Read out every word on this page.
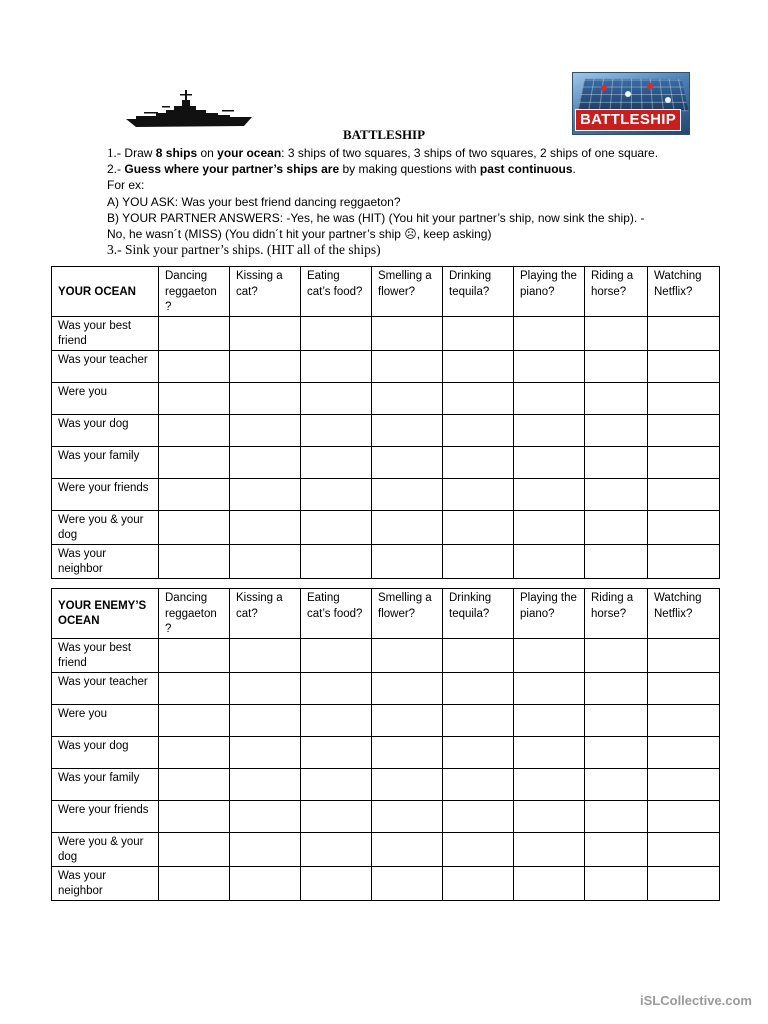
BATTLESHIP
BATTLESHIP
1.- Draw 8 ships on your ocean: 3 ships of two squares, 3 ships of two squares, 2 ships of one square.
2.- Guess where your partner’s ships are by making questions with past continuous.
For ex:
A) YOU ASK: Was your best friend dancing reggaeton?
B) YOUR PARTNER ANSWERS: -Yes, he was (HIT) (You hit your partner’s ship, now sink the ship). -
No, he wasn´t (MISS) (You didn´t hit your partner’s ship ☹, keep asking)
3.- Sink your partner’s ships. (HIT all of the ships)
YOUR OCEAN	Dancing reggaeton ?	Kissing a cat?	Eating cat’s food?	Smelling a flower?	Drinking tequila?	Playing the piano?	Riding a horse?	Watching Netflix?
Was your best friend								
Was your teacher								
Were you								
Was your dog								
Was your family								
Were your friends								
Were you & your dog								
Was your neighbor								
YOUR ENEMY’S OCEAN	Dancing reggaeton ?	Kissing a cat?	Eating cat’s food?	Smelling a flower?	Drinking tequila?	Playing the piano?	Riding a horse?	Watching Netflix?
Was your best friend								
Was your teacher								
Were you								
Was your dog								
Was your family								
Were your friends								
Were you & your dog								
Was your neighbor								
iSLCollective.com
